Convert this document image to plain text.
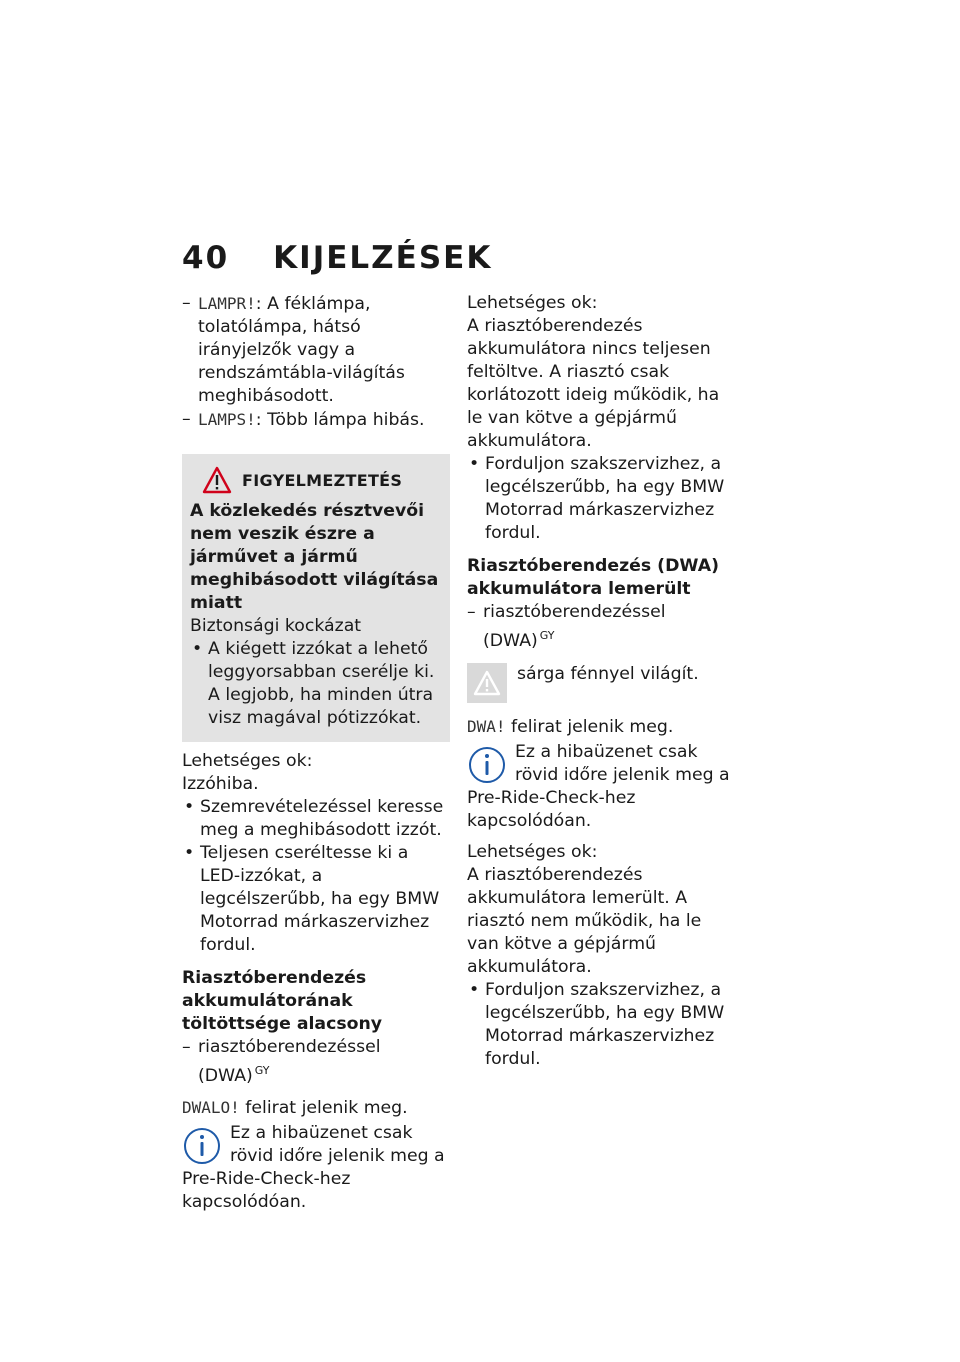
40 KIJELZÉSEK

– LAMPR!: A féklámpa, tolatólámpa, hátsó irányjelzők vagy a rendszámtábla-világítás meghibásodott.

– LAMPS!: Több lámpa hibás.

FIGYELMEZTETÉS

A közlekedés résztvevői nem veszik észre a járművet a jármű meghibásodott világítása miatt

Biztonsági kockázat

• A kiégett izzókat a lehető leggyorsabban cserélje ki. A legjobb, ha minden útra visz magával pótizzókat.

Lehetséges ok:

Izzóhiba.

• Szemrevételezéssel keresse meg a meghibásodott izzót.

• Teljesen cseréltesse ki a LED-izzókat, a legcélszerűbb, ha egy BMW Motorrad márkaszervizhez fordul.

Riasztóberendezés akkumulátorának töltöttsége alacsony

– riasztóberendezéssel (DWA) $^{GY}$

DWALO! felirat jelenik meg.

Ez a hibaüzenet csak rövid időre jelenik meg a Pre-Ride-Check-hez kapcsolódóan.

Lehetséges ok:

A riasztóberendezés akkumulátora nincs teljesen feltöltve. A riasztó csak korlátozott ideig működik, ha le van kötve a gépjármű akkumulátora.

• Forduljon szakszervizhez, a legcélszerűbb, ha egy BMW Motorrad márkaszervizhez fordul.

Riasztóberendezés (DWA) akkumulátora lemerült

– riasztóberendezéssel (DWA) $^{GY}$

sárga fénnyel világít.

DWA! felirat jelenik meg.

Ez a hibaüzenet csak rövid időre jelenik meg a Pre-Ride-Check-hez kapcsolódóan.

Lehetséges ok:

A riasztóberendezés akkumulátora lemerült. A riasztó nem működik, ha le van kötve a gépjármű akkumulátora.

• Forduljon szakszervizhez, a legcélszerűbb, ha egy BMW Motorrad márkaszervizhez fordul.
